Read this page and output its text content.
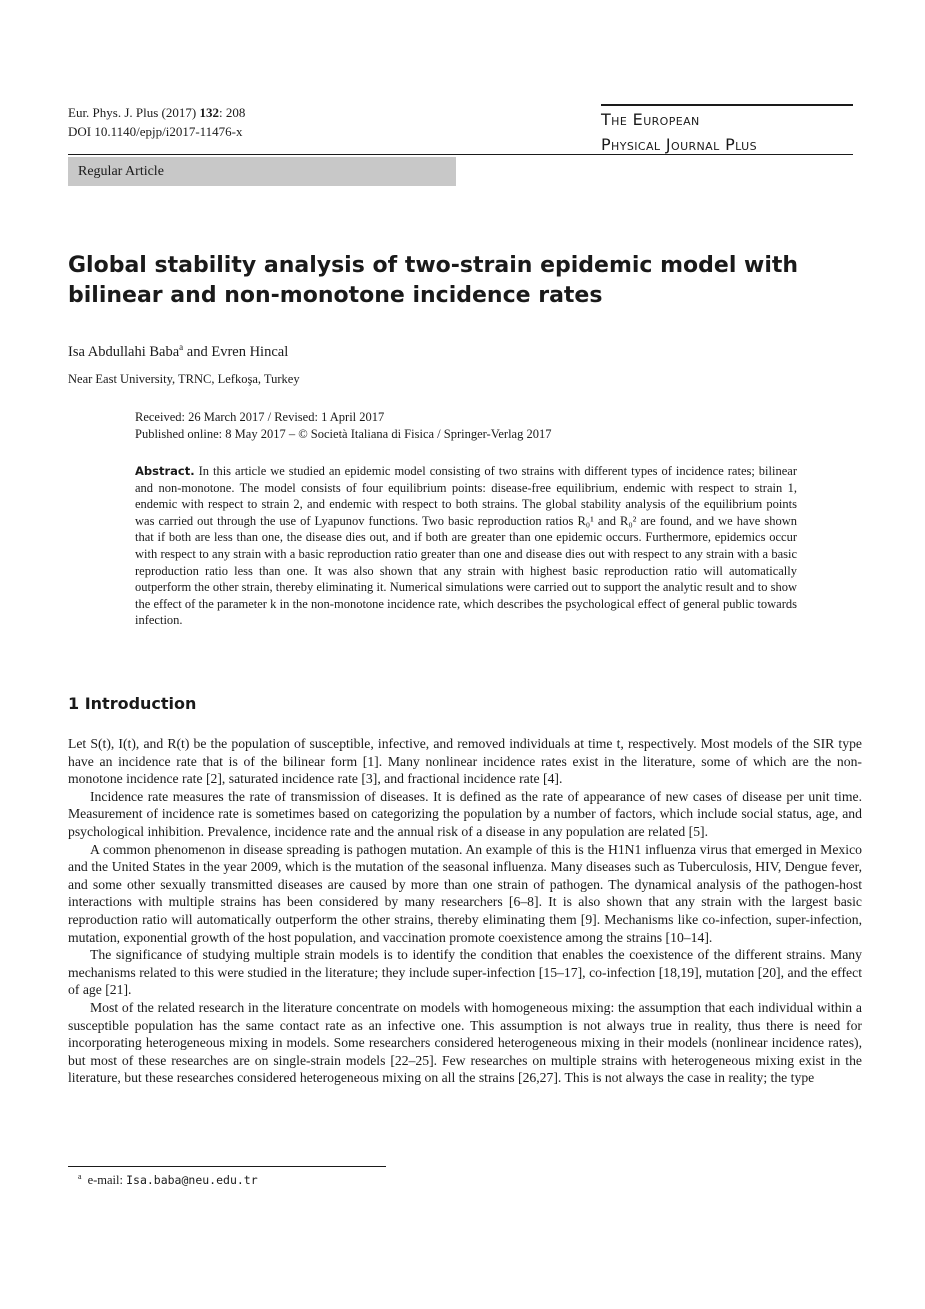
Eur. Phys. J. Plus (2017) 132: 208
DOI 10.1140/epjp/i2017-11476-x
The European
Physical Journal Plus
Regular Article
Global stability analysis of two-strain epidemic model with bilinear and non-monotone incidence rates
Isa Abdullahi Baba$^a$ and Evren Hincal
Near East University, TRNC, Lefkoşa, Turkey
Received: 26 March 2017 / Revised: 1 April 2017
Published online: 8 May 2017 – © Società Italiana di Fisica / Springer-Verlag 2017
Abstract. In this article we studied an epidemic model consisting of two strains with different types of incidence rates; bilinear and non-monotone. The model consists of four equilibrium points: disease-free equilibrium, endemic with respect to strain 1, endemic with respect to strain 2, and endemic with respect to both strains. The global stability analysis of the equilibrium points was carried out through the use of Lyapunov functions. Two basic reproduction ratios R₀¹ and R₀² are found, and we have shown that if both are less than one, the disease dies out, and if both are greater than one epidemic occurs. Furthermore, epidemics occur with respect to any strain with a basic reproduction ratio greater than one and disease dies out with respect to any strain with a basic reproduction ratio less than one. It was also shown that any strain with highest basic reproduction ratio will automatically outperform the other strain, thereby eliminating it. Numerical simulations were carried out to support the analytic result and to show the effect of the parameter k in the non-monotone incidence rate, which describes the psychological effect of general public towards infection.
1 Introduction

Let S(t), I(t), and R(t) be the population of susceptible, infective, and removed individuals at time t, respectively. Most models of the SIR type have an incidence rate that is of the bilinear form [1]. Many nonlinear incidence rates exist in the literature, some of which are the non-monotone incidence rate [2], saturated incidence rate [3], and fractional incidence rate [4].

Incidence rate measures the rate of transmission of diseases. It is defined as the rate of appearance of new cases of disease per unit time. Measurement of incidence rate is sometimes based on categorizing the population by a number of factors, which include social status, age, and psychological inhibition. Prevalence, incidence rate and the annual risk of a disease in any population are related [5].

A common phenomenon in disease spreading is pathogen mutation. An example of this is the H1N1 influenza virus that emerged in Mexico and the United States in the year 2009, which is the mutation of the seasonal influenza. Many diseases such as Tuberculosis, HIV, Dengue fever, and some other sexually transmitted diseases are caused by more than one strain of pathogen. The dynamical analysis of the pathogen-host interactions with multiple strains has been considered by many researchers [6–8]. It is also shown that any strain with the largest basic reproduction ratio will automatically outperform the other strains, thereby eliminating them [9]. Mechanisms like co-infection, super-infection, mutation, exponential growth of the host population, and vaccination promote coexistence among the strains [10–14].

The significance of studying multiple strain models is to identify the condition that enables the coexistence of the different strains. Many mechanisms related to this were studied in the literature; they include super-infection [15–17], co-infection [18,19], mutation [20], and the effect of age [21].

Most of the related research in the literature concentrate on models with homogeneous mixing: the assumption that each individual within a susceptible population has the same contact rate as an infective one. This assumption is not always true in reality, thus there is need for incorporating heterogeneous mixing in models. Some researchers considered heterogeneous mixing in their models (nonlinear incidence rates), but most of these researches are on single-strain models [22–25]. Few researches on multiple strains with heterogeneous mixing exist in the literature, but these researches considered heterogeneous mixing on all the strains [26,27]. This is not always the case in reality; the type

$^a$ e-mail: Isa.baba@neu.edu.tr
